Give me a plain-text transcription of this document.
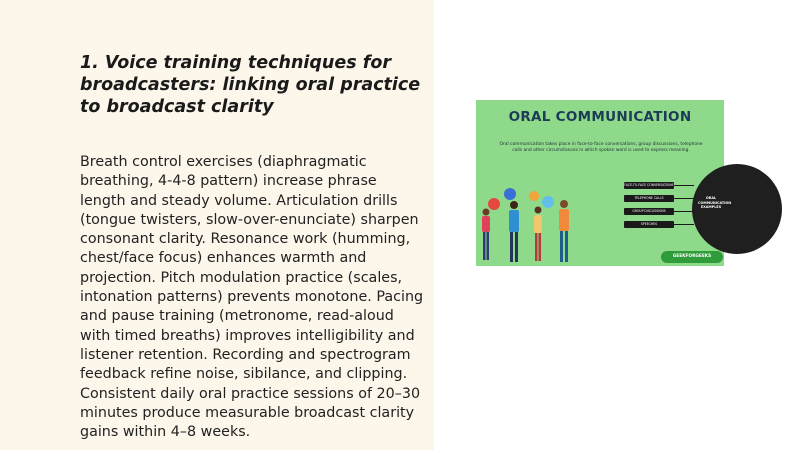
1. Voice training techniques for broadcasters: linking oral practice to broadcast clarity

Breath control exercises (diaphragmatic breathing, 4-4-8 pattern) increase phrase length and steady volume. Articulation drills (tongue twisters, slow-over-enunciate) sharpen consonant clarity. Resonance work (humming, chest/face focus) enhances warmth and projection. Pitch modulation practice (scales, intonation patterns) prevents monotone. Pacing and pause training (metronome, read-aloud with timed breaths) improves intelligibility and listener retention. Recording and spectrogram feedback refine noise, sibilance, and clipping. Consistent daily oral practice sessions of 20–30 minutes produce measurable broadcast clarity gains within 4–8 weeks.

ORAL COMMUNICATION
Oral communication takes place in face-to-face conversations, group discussions, telephone calls and other circumstances in which spoken word is used to express meaning.
ORAL COMMUNICATION EXAMPLES
FACE-TO-FACE CONVERSATIONS
TELEPHONE CALLS
GROUP DISCUSSIONS
SPEECHES
GEEKFORGEEKS
